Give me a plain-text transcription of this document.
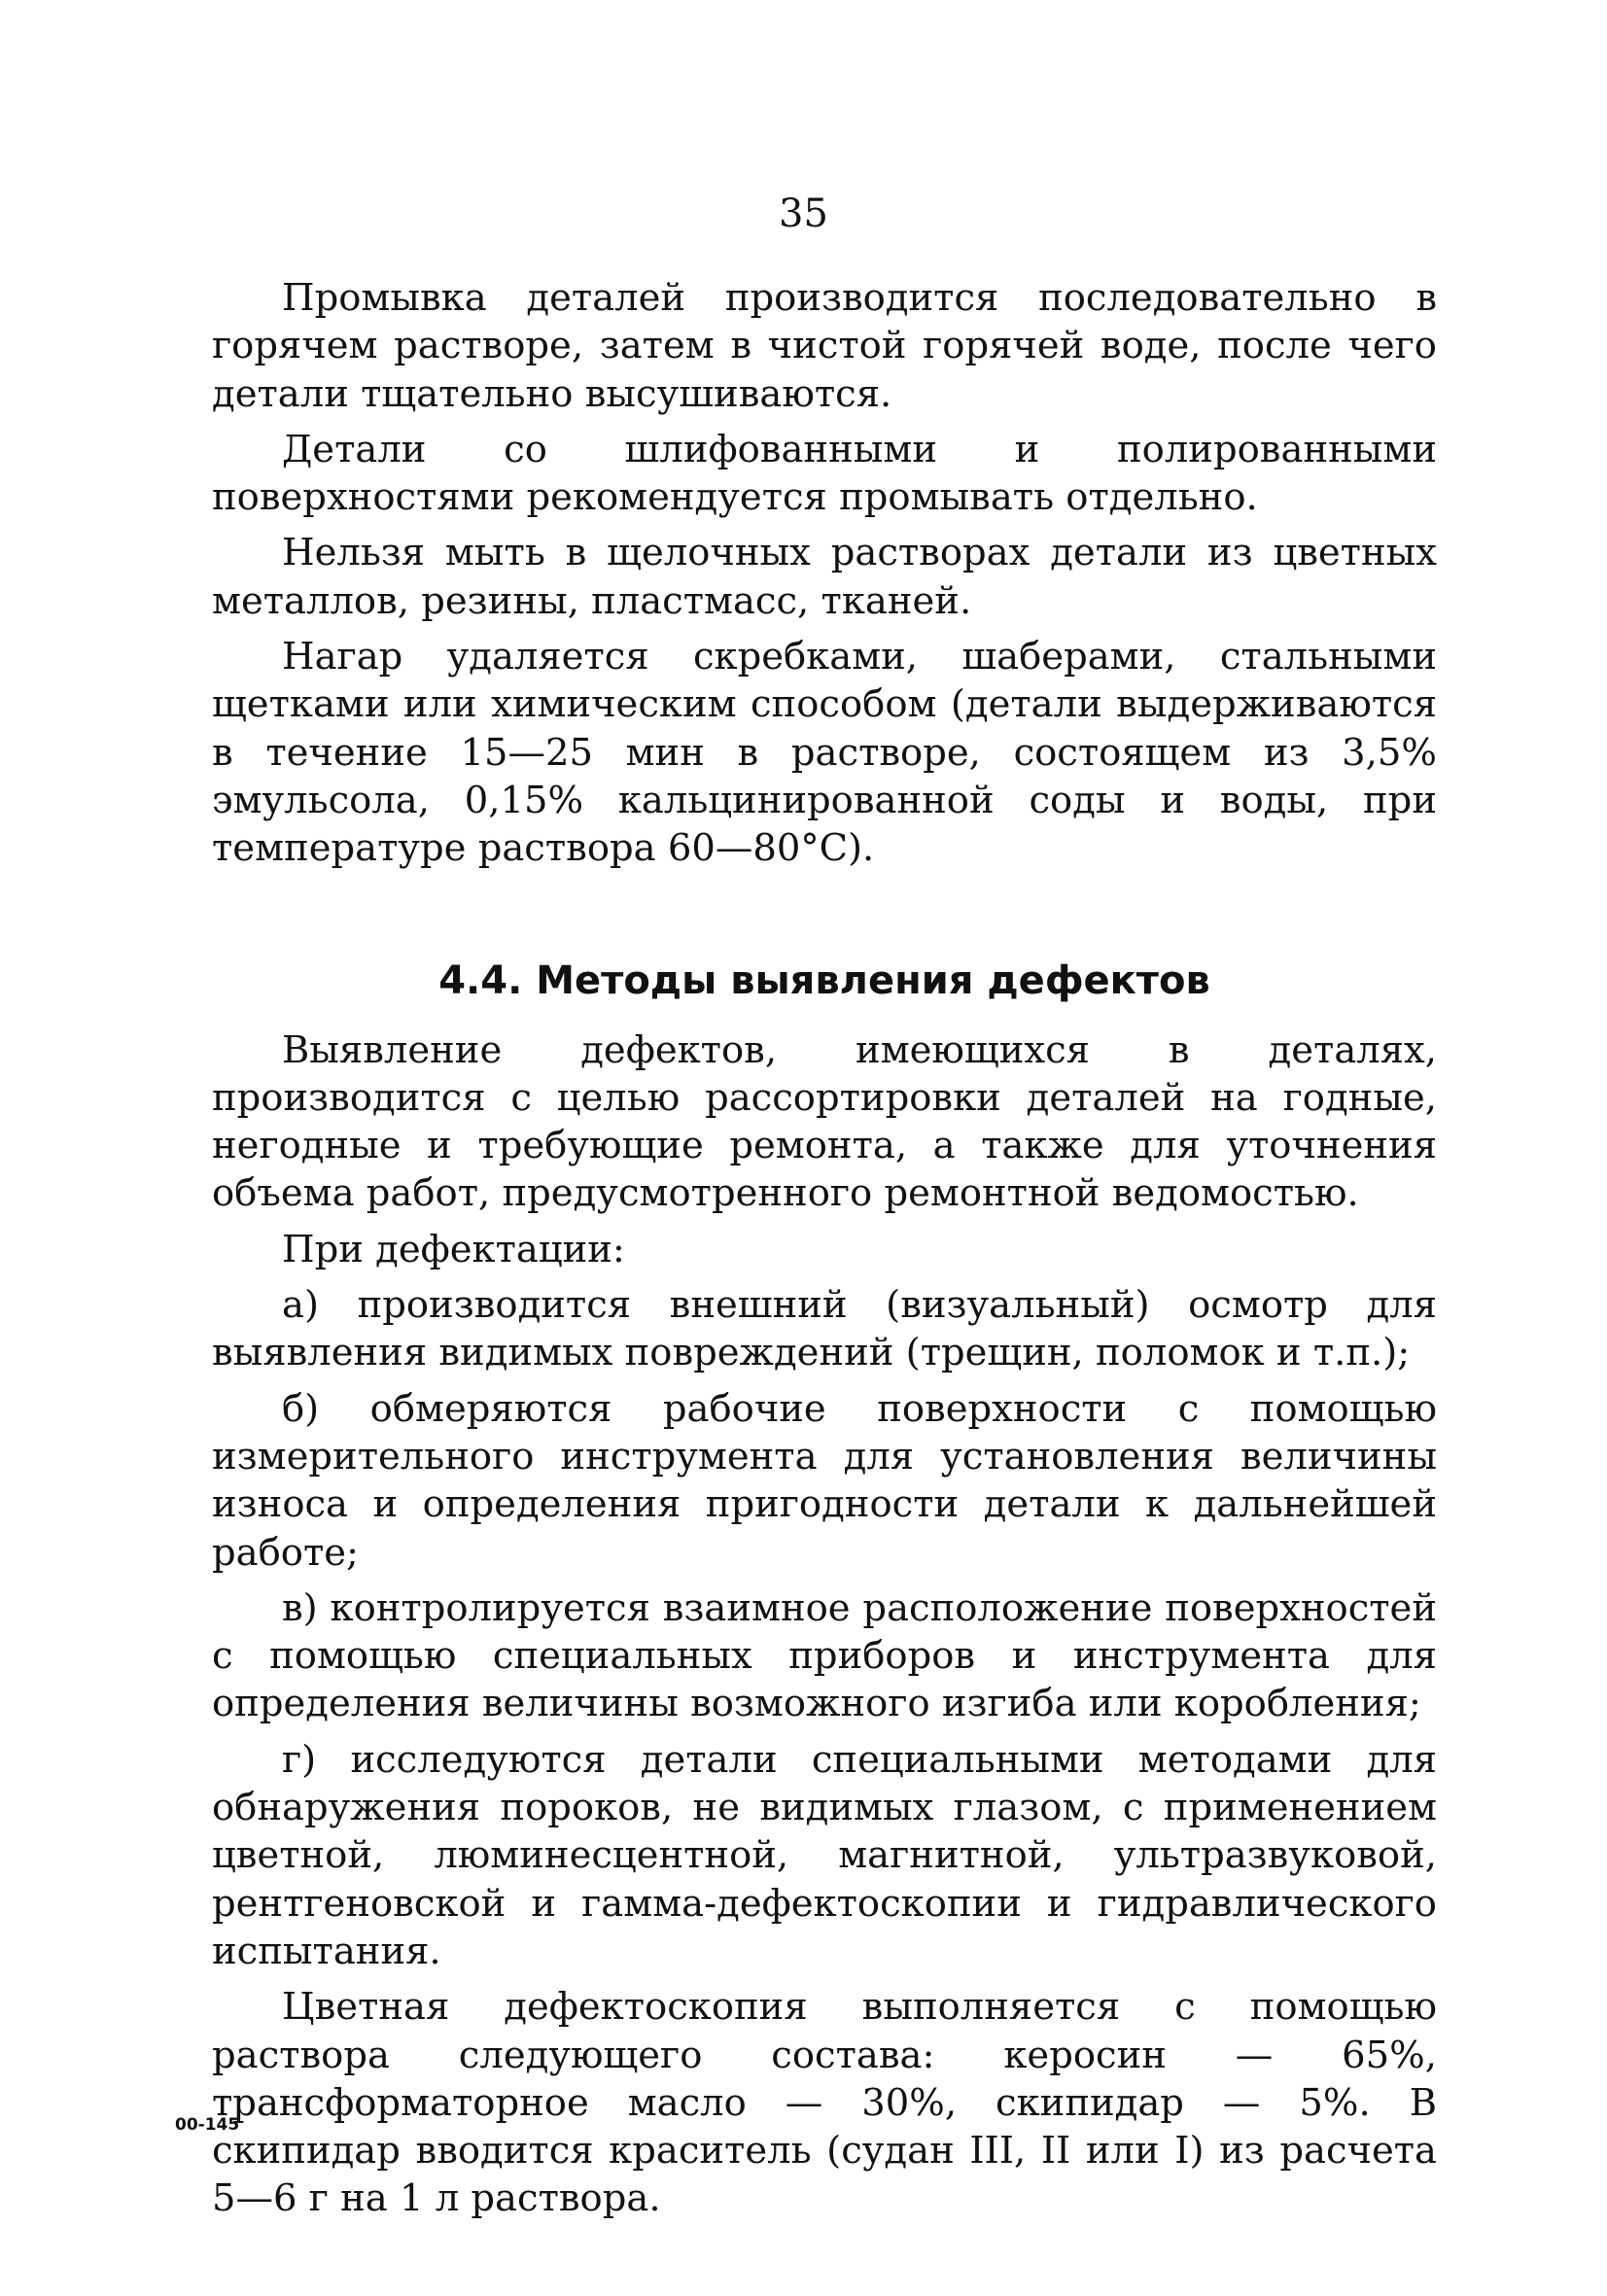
35

Промывка деталей производится последовательно в горячем растворе, затем в чистой горячей воде, после чего детали тщательно высушиваются.

Детали со шлифованными и полированными поверхностями рекомендуется промывать отдельно.

Нельзя мыть в щелочных растворах детали из цветных металлов, резины, пластмасс, тканей.

Нагар удаляется скребками, шаберами, стальными щетками или химическим способом (детали выдерживаются в течение 15—25 мин в растворе, состоящем из 3,5% эмульсола, 0,15% кальцинированной соды и воды, при температуре раствора 60—80°С).

4.4. Методы выявления дефектов

Выявление дефектов, имеющихся в деталях, производится с целью рассортировки деталей на годные, негодные и требующие ремонта, а также для уточнения объема работ, предусмотренного ремонтной ведомостью.

При дефектации:

а) производится внешний (визуальный) осмотр для выявления видимых повреждений (трещин, поломок и т.п.);

б) обмеряются рабочие поверхности с помощью измерительного инструмента для установления величины износа и определения пригодности детали к дальнейшей работе;

в) контролируется взаимное расположение поверхностей с помощью специальных приборов и инструмента для определения величины возможного изгиба или коробления;

г) исследуются детали специальными методами для обнаружения пороков, не видимых глазом, с применением цветной, люминесцентной, магнитной, ультразвуковой, рентгеновской и гамма-дефектоскопии и гидравлического испытания.

Цветная дефектоскопия выполняется с помощью раствора следующего состава: керосин — 65%, трансформаторное масло — 30%, скипидар — 5%. В скипидар вводится краситель (судан III, II или I) из расчета 5—6 г на 1 л раствора.

00-145
